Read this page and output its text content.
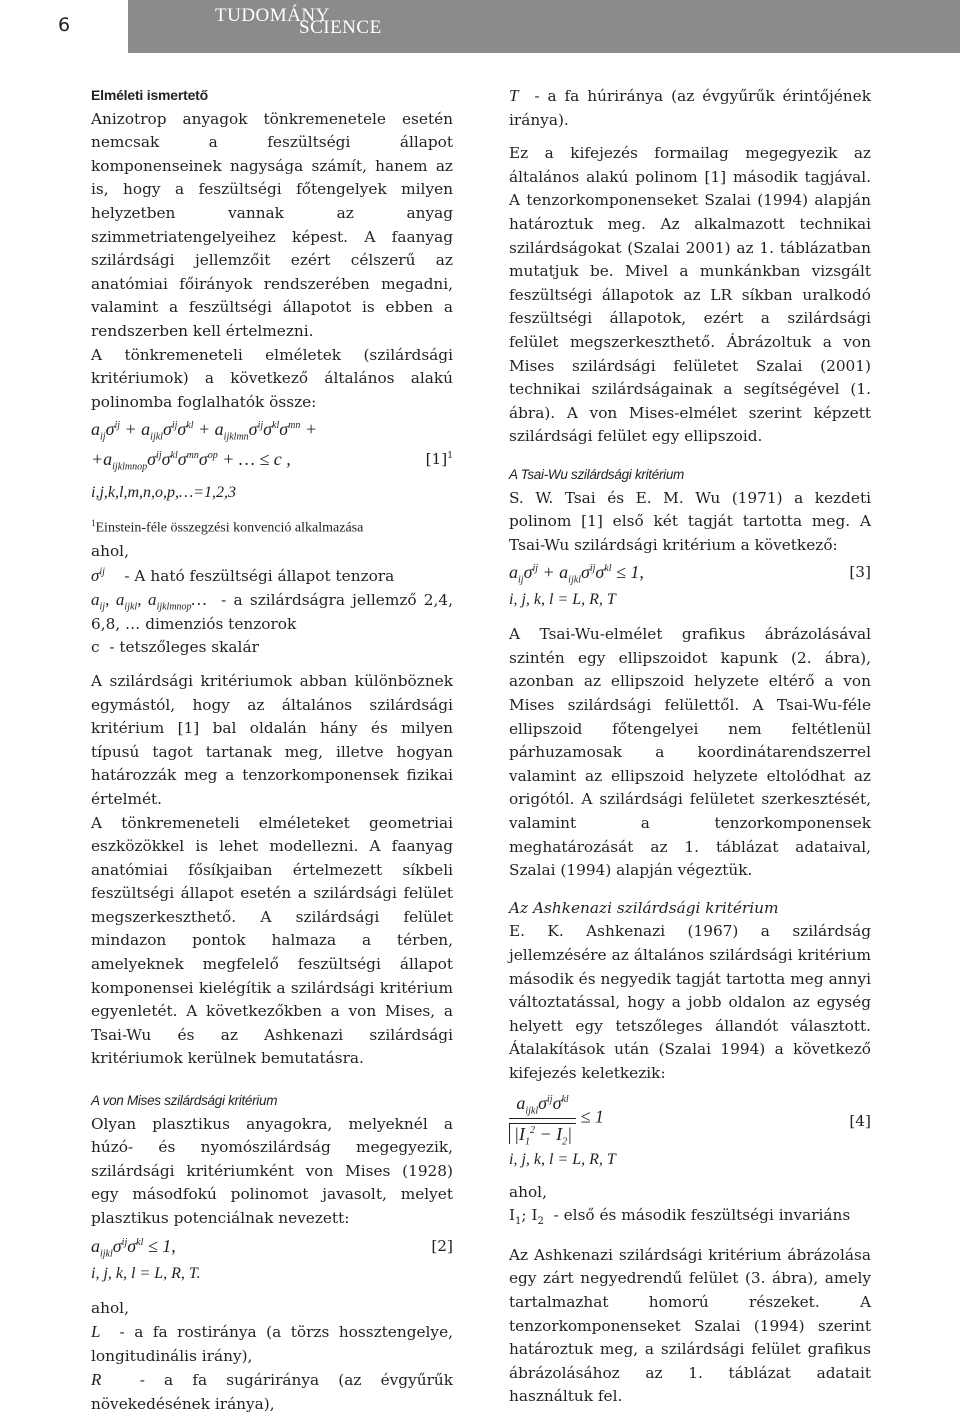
6	TUDOMÁNY
SCIENCE
Elméleti ismertető

Anizotrop anyagok tönkremenetele esetén nemcsak a feszültségi állapot komponenseinek nagysága számít, hanem az is, hogy a feszültségi főtengelyek milyen helyzetben vannak az anyag szimmetriatengelyeihez képest. A faanyag szilárdsági jellemzőit ezért célszerű az anatómiai főirányok rendszerében megadni, valamint a feszültségi állapotot is ebben a rendszerben kell értelmezni.

A tönkremeneteli elméletek (szilárdsági kritériumok) a következő általános alakú polinomba foglalhatók össze:

$a_{ij}\sigma^{ij} + a_{ijkl}\sigma^{ij}\sigma^{kl} + a_{ijklmn}\sigma^{ij}\sigma^{kl}\sigma^{mn}$ +
$+a_{ijklmnop}\sigma^{ij}\sigma^{kl}\sigma^{mn}\sigma^{op}$ + … ≤ c ,	$[1]^1$
i,j,k,l,m,n,o,p,…=1,2,3
$^1$Einstein-féle összegzési konvenció alkalmazása
ahol,
$\sigma^{ij}$ - A ható feszültségi állapot tenzora

$a_{ij}$, $a_{ijkl}$, $a_{ijklmnop}\dots$ - a szilárdságra jellemző 2,4, 6,8, … dimenziós tenzorok

c - tetszőleges skalár

A szilárdsági kritériumok abban különböznek egymástól, hogy az általános szilárdsági kritérium [1] bal oldalán hány és milyen típusú tagot tartanak meg, illetve hogyan határozzák meg a tenzorkomponensek fizikai értelmét.

A tönkremeneteli elméleteket geometriai eszközökkel is lehet modellezni. A faanyag anatómiai fősíkjaiban értelmezett síkbeli feszültségi állapot esetén a szilárdsági felület megszerkeszthető. A szilárdsági felület mindazon pontok halmaza a térben, amelyeknek megfelelő feszültségi állapot komponensei kielégítik a szilárdsági kritérium egyenletét. A következőkben a von Mises, a Tsai-Wu és az Ashkenazi szilárdsági kritériumok kerülnek bemutatásra.

A von Mises szilárdsági kritérium

Olyan plasztikus anyagokra, melyeknél a húzó- és nyomószilárdság megegyezik, szilárdsági kritériumként von Mises (1928) egy másodfokú polinomot javasolt, melyet plasztikus potenciálnak nevezett:

$a_{ijkl}\sigma^{ij}\sigma^{kl} \le 1$,	[2]
i, j, k, l = L, R, T.
ahol,

L - a fa rostiránya (a törzs hossztengelye, longitudinális irány),

R	- a fa sugáriránya (az évgyűrűk növekedésének iránya),

T - a fa húriránya (az évgyűrűk érintőjének iránya).

Ez a kifejezés formailag megegyezik az általános alakú polinom [1] második tagjával. A tenzorkomponenseket Szalai (1994) alapján határoztuk meg. Az alkalmazott technikai szilárdságokat (Szalai 2001) az 1. táblázatban mutatjuk be. Mivel a munkánkban vizsgált feszültségi állapotok az LR síkban uralkodó feszültségi állapotok, ezért a szilárdsági felület megszerkeszthető. Ábrázoltuk a von Mises szilárdsági felületet Szalai (2001) technikai szilárdságainak a segítségével (1. ábra). A von Mises-elmélet szerint képzett szilárdsági felület egy ellipszoid.

A Tsai-Wu szilárdsági kritérium

S. W. Tsai és E. M. Wu (1971) a kezdeti polinom [1] első két tagját tartotta meg. A Tsai-Wu szilárdsági kritérium a következő:

$a_{ij}\sigma^{ij} + a_{ijkl}\sigma^{ij}\sigma^{kl} \le 1$,	[3]
i, j, k, l = L, R, T

A Tsai-Wu-elmélet grafikus ábrázolásával szintén egy ellipszoidot kapunk (2. ábra), azonban az ellipszoid helyzete eltérő a von Mises szilárdsági felülettől. A Tsai-Wu-féle ellipszoid főtengelyei nem feltétlenül párhuzamosak a koordinátarendszerrel valamint az ellipszoid helyzete eltolódhat az origótól. A szilárdsági felületet szerkesztését, valamint a tenzorkomponensek meghatározását az 1. táblázat adataival, Szalai (1994) alapján végeztük.

Az Ashkenazi szilárdsági kritérium

E. K. Ashkenazi (1967) a szilárdság jellemzésére az általános szilárdsági kritérium második és negyedik tagját tartotta meg annyi változtatással, hogy a jobb oldalon az egység helyett egy tetszőleges állandót választott. Átalakítások után (Szalai 1994) a következő kifejezés keletkezik:

$\frac{a_{ijkl}\sigma^{ij}\sigma^{kl}}{|I_1^2 - I_2|} \le 1$	[4]
i, j, k, l = L, R, T
ahol,
$I_1$; $I_2$ - első és második feszültségi invariáns

Az Ashkenazi szilárdsági kritérium ábrázolása egy zárt negyedrendű felület (3. ábra), amely tartalmazhat homorú részeket. A tenzorkomponenseket Szalai (1994) szerint határoztuk meg, a szilárdsági felület grafikus ábrázolásához az 1. táblázat adatait használtuk fel.
